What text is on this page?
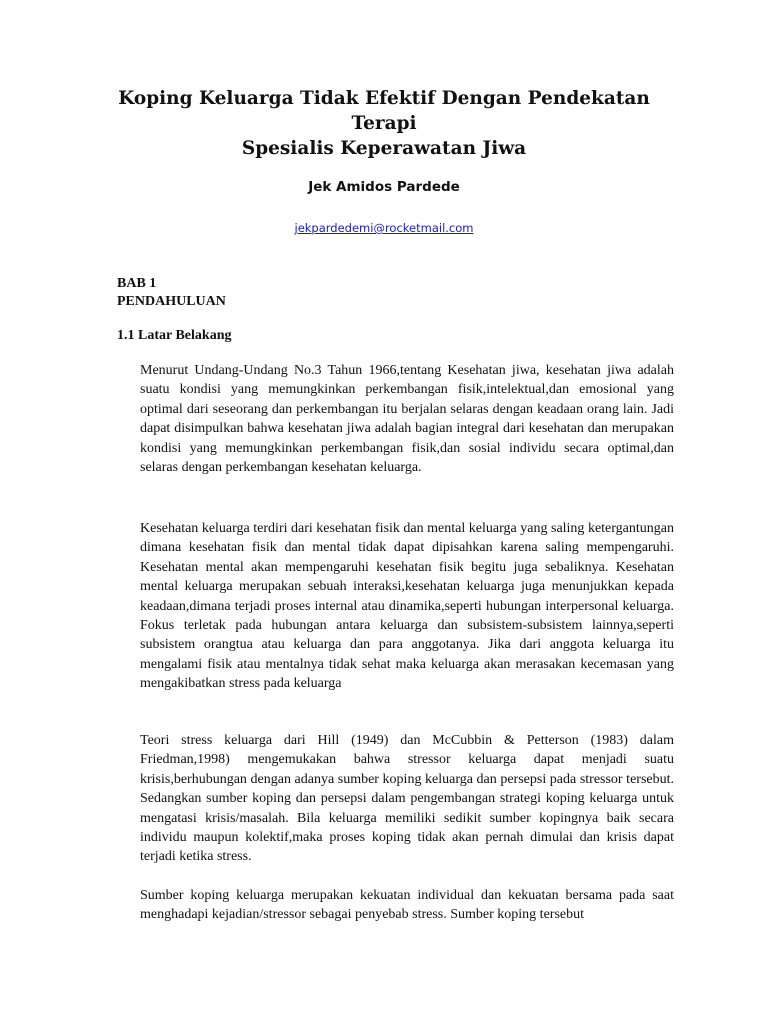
Koping Keluarga Tidak Efektif Dengan Pendekatan Terapi
Spesialis Keperawatan Jiwa
Jek Amidos Pardede
jekpardedemi@rocketmail.com
BAB 1
PENDAHULUAN
1.1 Latar Belakang

Menurut Undang-Undang No.3 Tahun 1966,tentang Kesehatan jiwa, kesehatan jiwa adalah suatu kondisi yang memungkinkan perkembangan fisik,intelektual,dan emosional yang optimal dari seseorang dan perkembangan itu berjalan selaras dengan keadaan orang lain. Jadi dapat disimpulkan bahwa kesehatan jiwa adalah bagian integral dari kesehatan dan merupakan kondisi yang memungkinkan perkembangan fisik,dan sosial individu secara optimal,dan selaras dengan perkembangan kesehatan keluarga.

Kesehatan keluarga terdiri dari kesehatan fisik dan mental keluarga yang saling ketergantungan dimana kesehatan fisik dan mental tidak dapat dipisahkan karena saling mempengaruhi. Kesehatan mental akan mempengaruhi kesehatan fisik begitu juga sebaliknya. Kesehatan mental keluarga merupakan sebuah interaksi,kesehatan keluarga juga menunjukkan kepada keadaan,dimana terjadi proses internal atau dinamika,seperti hubungan interpersonal keluarga. Fokus terletak pada hubungan antara keluarga dan subsistem-subsistem lainnya,seperti subsistem orangtua atau keluarga dan para anggotanya. Jika dari anggota keluarga itu mengalami fisik atau mentalnya tidak sehat maka keluarga akan merasakan kecemasan yang mengakibatkan stress pada keluarga

Teori stress keluarga dari Hill (1949) dan McCubbin & Petterson (1983) dalam Friedman,1998) mengemukakan bahwa stressor keluarga dapat menjadi suatu krisis,berhubungan dengan adanya sumber koping keluarga dan persepsi pada stressor tersebut. Sedangkan sumber koping dan persepsi dalam pengembangan strategi koping keluarga untuk mengatasi krisis/masalah. Bila keluarga memiliki sedikit sumber kopingnya baik secara individu maupun kolektif,maka proses koping tidak akan pernah dimulai dan krisis dapat terjadi ketika stress.

Sumber koping keluarga merupakan kekuatan individual dan kekuatan bersama pada saat menghadapi kejadian/stressor sebagai penyebab stress. Sumber koping tersebut
